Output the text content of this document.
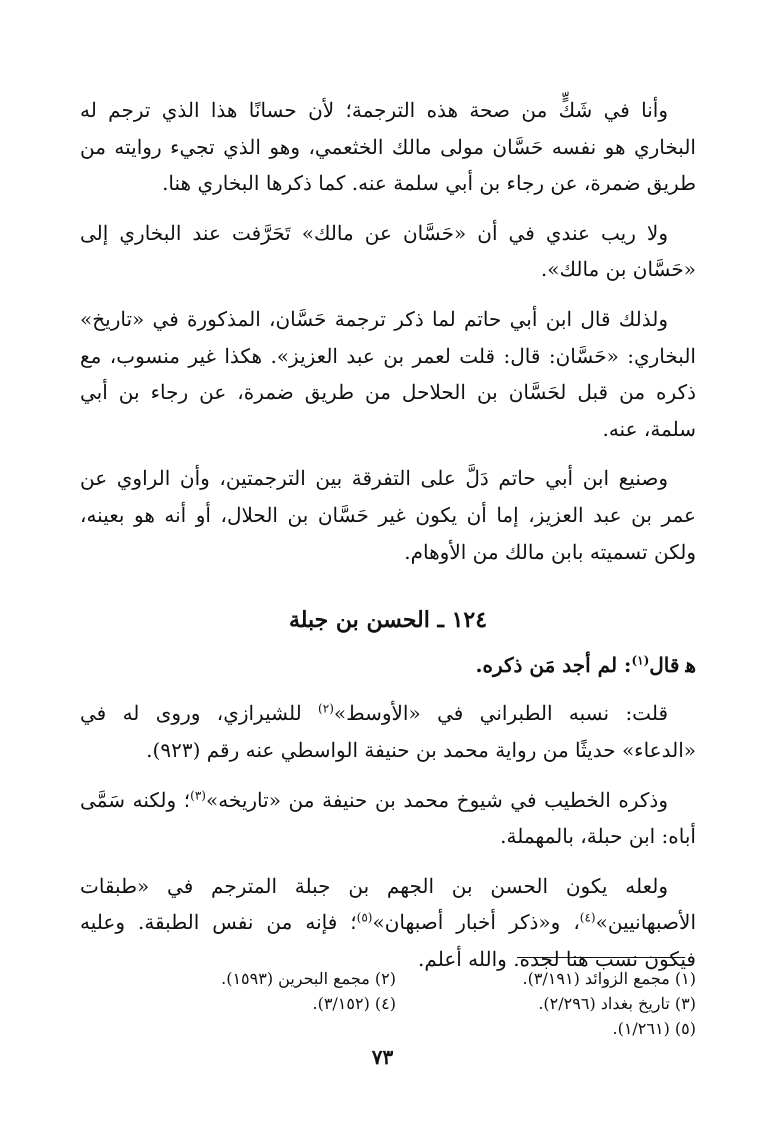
وأنا في شَكٍّ من صحة هذه الترجمة؛ لأن حسانًا هذا الذي ترجم له البخاري هو نفسه حَسَّان مولى مالك الخثعمي، وهو الذي تجيء روايته من طريق ضمرة، عن رجاء بن أبي سلمة عنه. كما ذكرها البخاري هنا.

ولا ريب عندي في أن «حَسَّان عن مالك» تَحَرَّفت عند البخاري إلى «حَسَّان بن مالك».

ولذلك قال ابن أبي حاتم لما ذكر ترجمة حَسَّان، المذكورة في «تاريخ» البخاري: «حَسَّان: قال: قلت لعمر بن عبد العزيز». هكذا غير منسوب، مع ذكره من قبل لحَسَّان بن الحلاحل من طريق ضمرة، عن رجاء بن أبي سلمة، عنه.

وصنيع ابن أبي حاتم دَلَّ على التفرقة بين الترجمتين، وأن الراوي عن عمر بن عبد العزيز، إما أن يكون غير حَسَّان بن الحلال، أو أنه هو بعينه، ولكن تسميته بابن مالك من الأوهام.

١٢٤ ـ الحسن بن جبلة

ﻫقال$^{(١)}$: لم أجد مَن ذكره.

قلت: نسبه الطبراني في «الأوسط»$^{(٢)}$ للشيرازي، وروى له في «الدعاء» حديثًا من رواية محمد بن حنيفة الواسطي عنه رقم (٩٢٣).

وذكره الخطيب في شيوخ محمد بن حنيفة من «تاريخه»$^{(٣)}$؛ ولكنه سَمَّى أباه: ابن حبلة، بالمهملة.

ولعله يكون الحسن بن الجهم بن جبلة المترجم في «طبقات الأصبهانيين»$^{(٤)}$، و«ذكر أخبار أصبهان»$^{(٥)}$؛ فإنه من نفس الطبقة. وعليه فيكون نسب هنا لجده. والله أعلم.

(١) مجمع الزوائد (٣/١٩١).
(٢) مجمع البحرين (١٥٩٣).
(٣) تاريخ بغداد (٢/٢٩٦).
(٤) (٣/١٥٢).
(٥) (١/٢٦١).
٧٣
